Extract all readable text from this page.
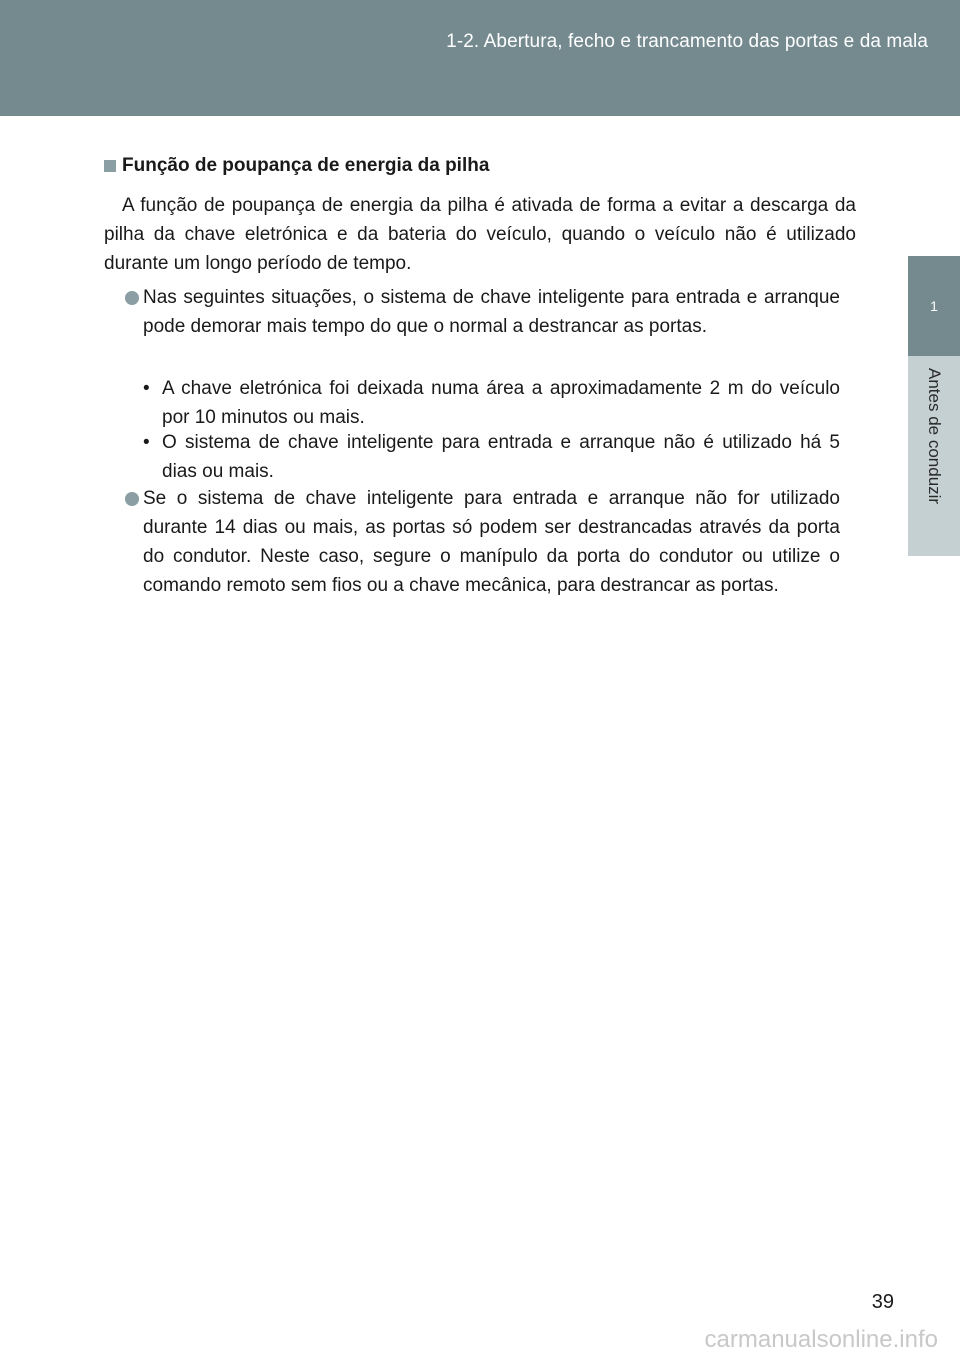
1-2. Abertura, fecho e trancamento das portas e da mala
1
Antes de conduzir
Função de poupança de energia da pilha

A função de poupança de energia da pilha é ativada de forma a evitar a descarga da pilha da chave eletrónica e da bateria do veículo, quando o veículo não é utilizado durante um longo período de tempo.

Nas seguintes situações, o sistema de chave inteligente para entrada e arranque pode demorar mais tempo do que o normal a destrancar as portas.
• A chave eletrónica foi deixada numa área a aproximadamente 2 m do veículo por 10 minutos ou mais.
• O sistema de chave inteligente para entrada e arranque não é utilizado há 5 dias ou mais.
Se o sistema de chave inteligente para entrada e arranque não for utilizado durante 14 dias ou mais, as portas só podem ser destrancadas através da porta do condutor. Neste caso, segure o manípulo da porta do condutor ou utilize o comando remoto sem fios ou a chave mecânica, para destrancar as portas.
39
carmanualsonline.info
